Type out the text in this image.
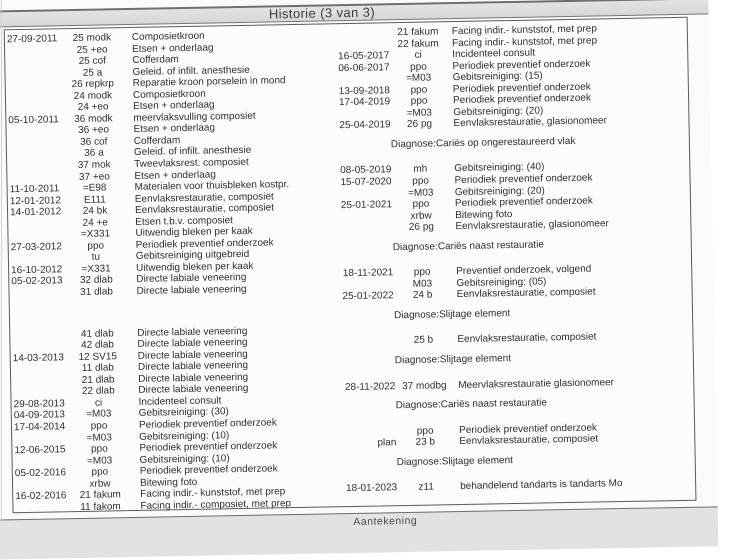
Historie (3 van 3)
27-09-2011	25 modk	Composietkroon
25 +eo	Etsen + onderlaag
25 cof	Cofferdam
25 a	Geleid. of infilt. anesthesie
26 repkrp	Reparatie kroon porselein in mond
24 modk	Composietkroon
24 +eo	Etsen + onderlaag
05-10-2011	36 modk	meervlaksvulling composiet
36 +eo	Etsen + onderlaag
36 cof	Cofferdam
36 a	Geleid. of infilt. anesthesie
37 mok	Tweevlaksrest. composiet
37 +eo	Etsen + onderlaag
11-10-2011	=E98	Materialen voor thuisbleken kostpr.
12-01-2012	E111	Eenvlaksrestauratie, composiet
14-01-2012	24 bk	Eenvlaksrestauratie, composiet
24 +e	Etsen t.b.v. composiet
=X331	Uitwendig bleken per kaak
27-03-2012	ppo	Periodiek preventief onderzoek
tu	Gebitsreiniging uitgebreid
16-10-2012	=X331	Uitwendig bleken per kaak
05-02-2013	32 dlab	Directe labiale veneering
31 dlab	Directe labiale veneering
41 dlab	Directe labiale veneering
42 dlab	Directe labiale veneering
14-03-2013	12 SV15	Directe labiale veneering
11 dlab	Directe labiale veneering
21 dlab	Directe labiale veneering
22 dlab	Directe labiale veneering
29-08-2013	ci	Incidenteel consult
04-09-2013	=M03	Gebitsreiniging: (30)
17-04-2014	ppo	Periodiek preventief onderzoek
=M03	Gebitsreiniging: (10)
12-06-2015	ppo	Periodiek preventief onderzoek
=M03	Gebitsreiniging: (10)
05-02-2016	ppo	Periodiek preventief onderzoek
xrbw	Bitewing foto
16-02-2016	21 fakum	Facing indir.- kunststof, met prep
11 fakom	Facing indir.- composiet, met prep
21 fakum	Facing indir.- kunststof, met prep
22 fakum	Facing indir.- kunststof, met prep
16-05-2017	ci	Incidenteel consult
06-06-2017	ppo	Periodiek preventief onderzoek
=M03	Gebitsreiniging: (15)
13-09-2018	ppo	Periodiek preventief onderzoek
17-04-2019	ppo	Periodiek preventief onderzoek
=M03	Gebitsreiniging: (20)
25-04-2019	26 pg	Eenvlaksrestauratie, glasionomeer
Diagnose:Cariës op ongerestaureerd vlak
08-05-2019	mh	Gebitsreiniging: (40)
15-07-2020	ppo	Periodiek preventief onderzoek
=M03	Gebitsreiniging: (20)
25-01-2021	ppo	Periodiek preventief onderzoek
xrbw	Bitewing foto
26 pg	Eenvlaksrestauratie, glasionomeer
Diagnose:Cariës naast restauratie
18-11-2021	ppo	Preventief onderzoek, volgend
M03	Gebitsreiniging: (05)
25-01-2022	24 b	Eenvlaksrestauratie, composiet
Diagnose:Slijtage element
25 b	Eenvlaksrestauratie, composiet
Diagnose:Slijtage element
28-11-2022 37 modbg	Meervlaksrestauratie glasionomeer
Diagnose:Cariës naast restauratie
ppo	Periodiek preventief onderzoek
plan	23 b	Eenvlaksrestauratie, composiet
Diagnose:Slijtage element
18-01-2023	z11	behandelend tandarts is tandarts Mo
Aantekening
